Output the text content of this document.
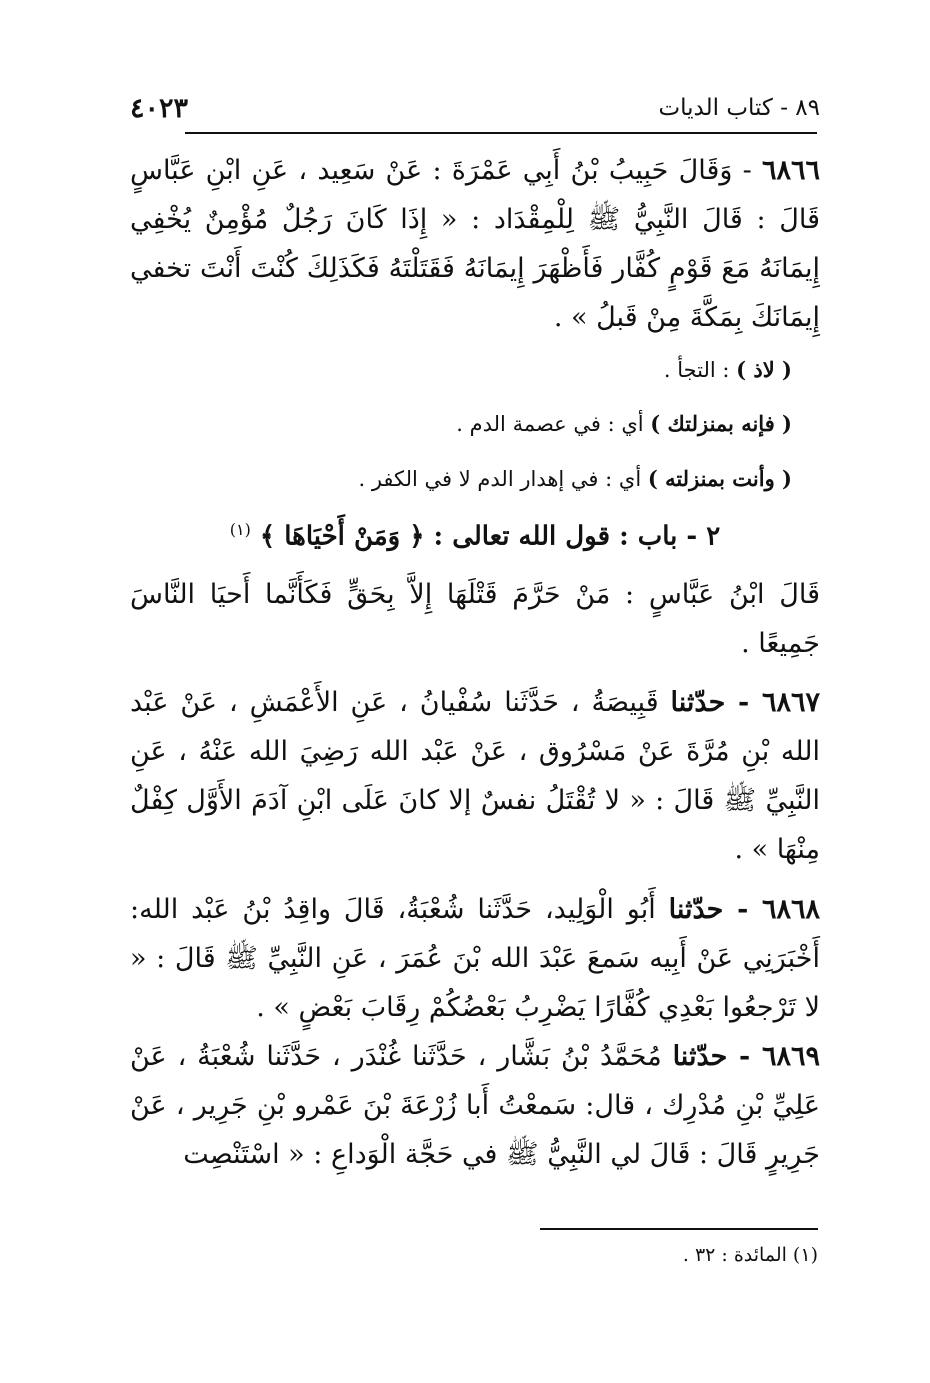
٤٠٢٣	٨٩ - كتاب الديات

٦٨٦٦ - وَقَالَ حَبِيبُ بْنُ أَبِي عَمْرَةَ : عَنْ سَعِيد ، عَنِ ابْنِ عَبَّاسٍ قَالَ : قَالَ النَّبِيُّ ﷺ لِلْمِقْدَاد : « إِذَا كَانَ رَجُلٌ مُؤْمِنٌ يُخْفِي إِيمَانَهُ مَعَ قَوْمٍ كُفَّار فَأَظْهَرَ إِيمَانَهُ فَقَتَلْتَهُ فَكَذَلِكَ كُنْتَ أَنْتَ تخفي إِيمَانَكَ بِمَكَّةَ مِنْ قَبلُ » .

( لاذ ) : التجأ .

( فإنه بمنزلتك ) أي : في عصمة الدم .

( وأنت بمنزلته ) أي : في إهدار الدم لا في الكفر .

٢ - باب : قول الله تعالى : ﴿ وَمَنْ أَحْيَاهَا ﴾ $^{(١)}$

قَالَ ابْنُ عَبَّاسٍ : مَنْ حَرَّمَ قَتْلَهَا إِلاَّ بِحَقٍّ فَكَأَنَّما أَحيَا النَّاسَ جَمِيعًا .

٦٨٦٧ - حدّثنا قَبِيصَةُ ، حَدَّثَنا سُفْيانُ ، عَنِ الأَعْمَشِ ، عَنْ عَبْد الله بْنِ مُرَّةَ عَنْ مَسْرُوق ، عَنْ عَبْد الله رَضِيَ الله عَنْهُ ، عَنِ النَّبِيِّ ﷺ قَالَ : « لا تُقْتَلُ نفسٌ إلا كانَ عَلَى ابْنِ آدَمَ الأَوَّل كِفْلٌ مِنْهَا » .

٦٨٦٨ - حدّثنا أَبُو الْوَلِيد، حَدَّثَنا شُعْبَةُ، قَالَ واقِدُ بْنُ عَبْد الله: أَخْبَرَنِي عَنْ أَبِيه سَمعَ عَبْدَ الله بْنَ عُمَرَ ، عَنِ النَّبِيِّ ﷺ قَالَ : « لا تَرْجعُوا بَعْدِي كُفَّارًا يَضْرِبُ بَعْضُكُمْ رِقَابَ بَعْضٍ » .

٦٨٦٩ - حدّثنا مُحَمَّدُ بْنُ بَشَّار ، حَدَّثَنا غُنْدَر ، حَدَّثَنا شُعْبَةُ ، عَنْ عَلِيِّ بْنِ مُدْرِك ، قال: سَمعْتُ أَبا زُرْعَةَ بْنَ عَمْرو بْنِ جَرِير ، عَنْ جَرِيرٍ قَالَ : قَالَ لي النَّبِيُّ ﷺ في حَجَّة الْوَداعِ : « اسْتَنْصِت

(١) المائدة : ٣٢ .
